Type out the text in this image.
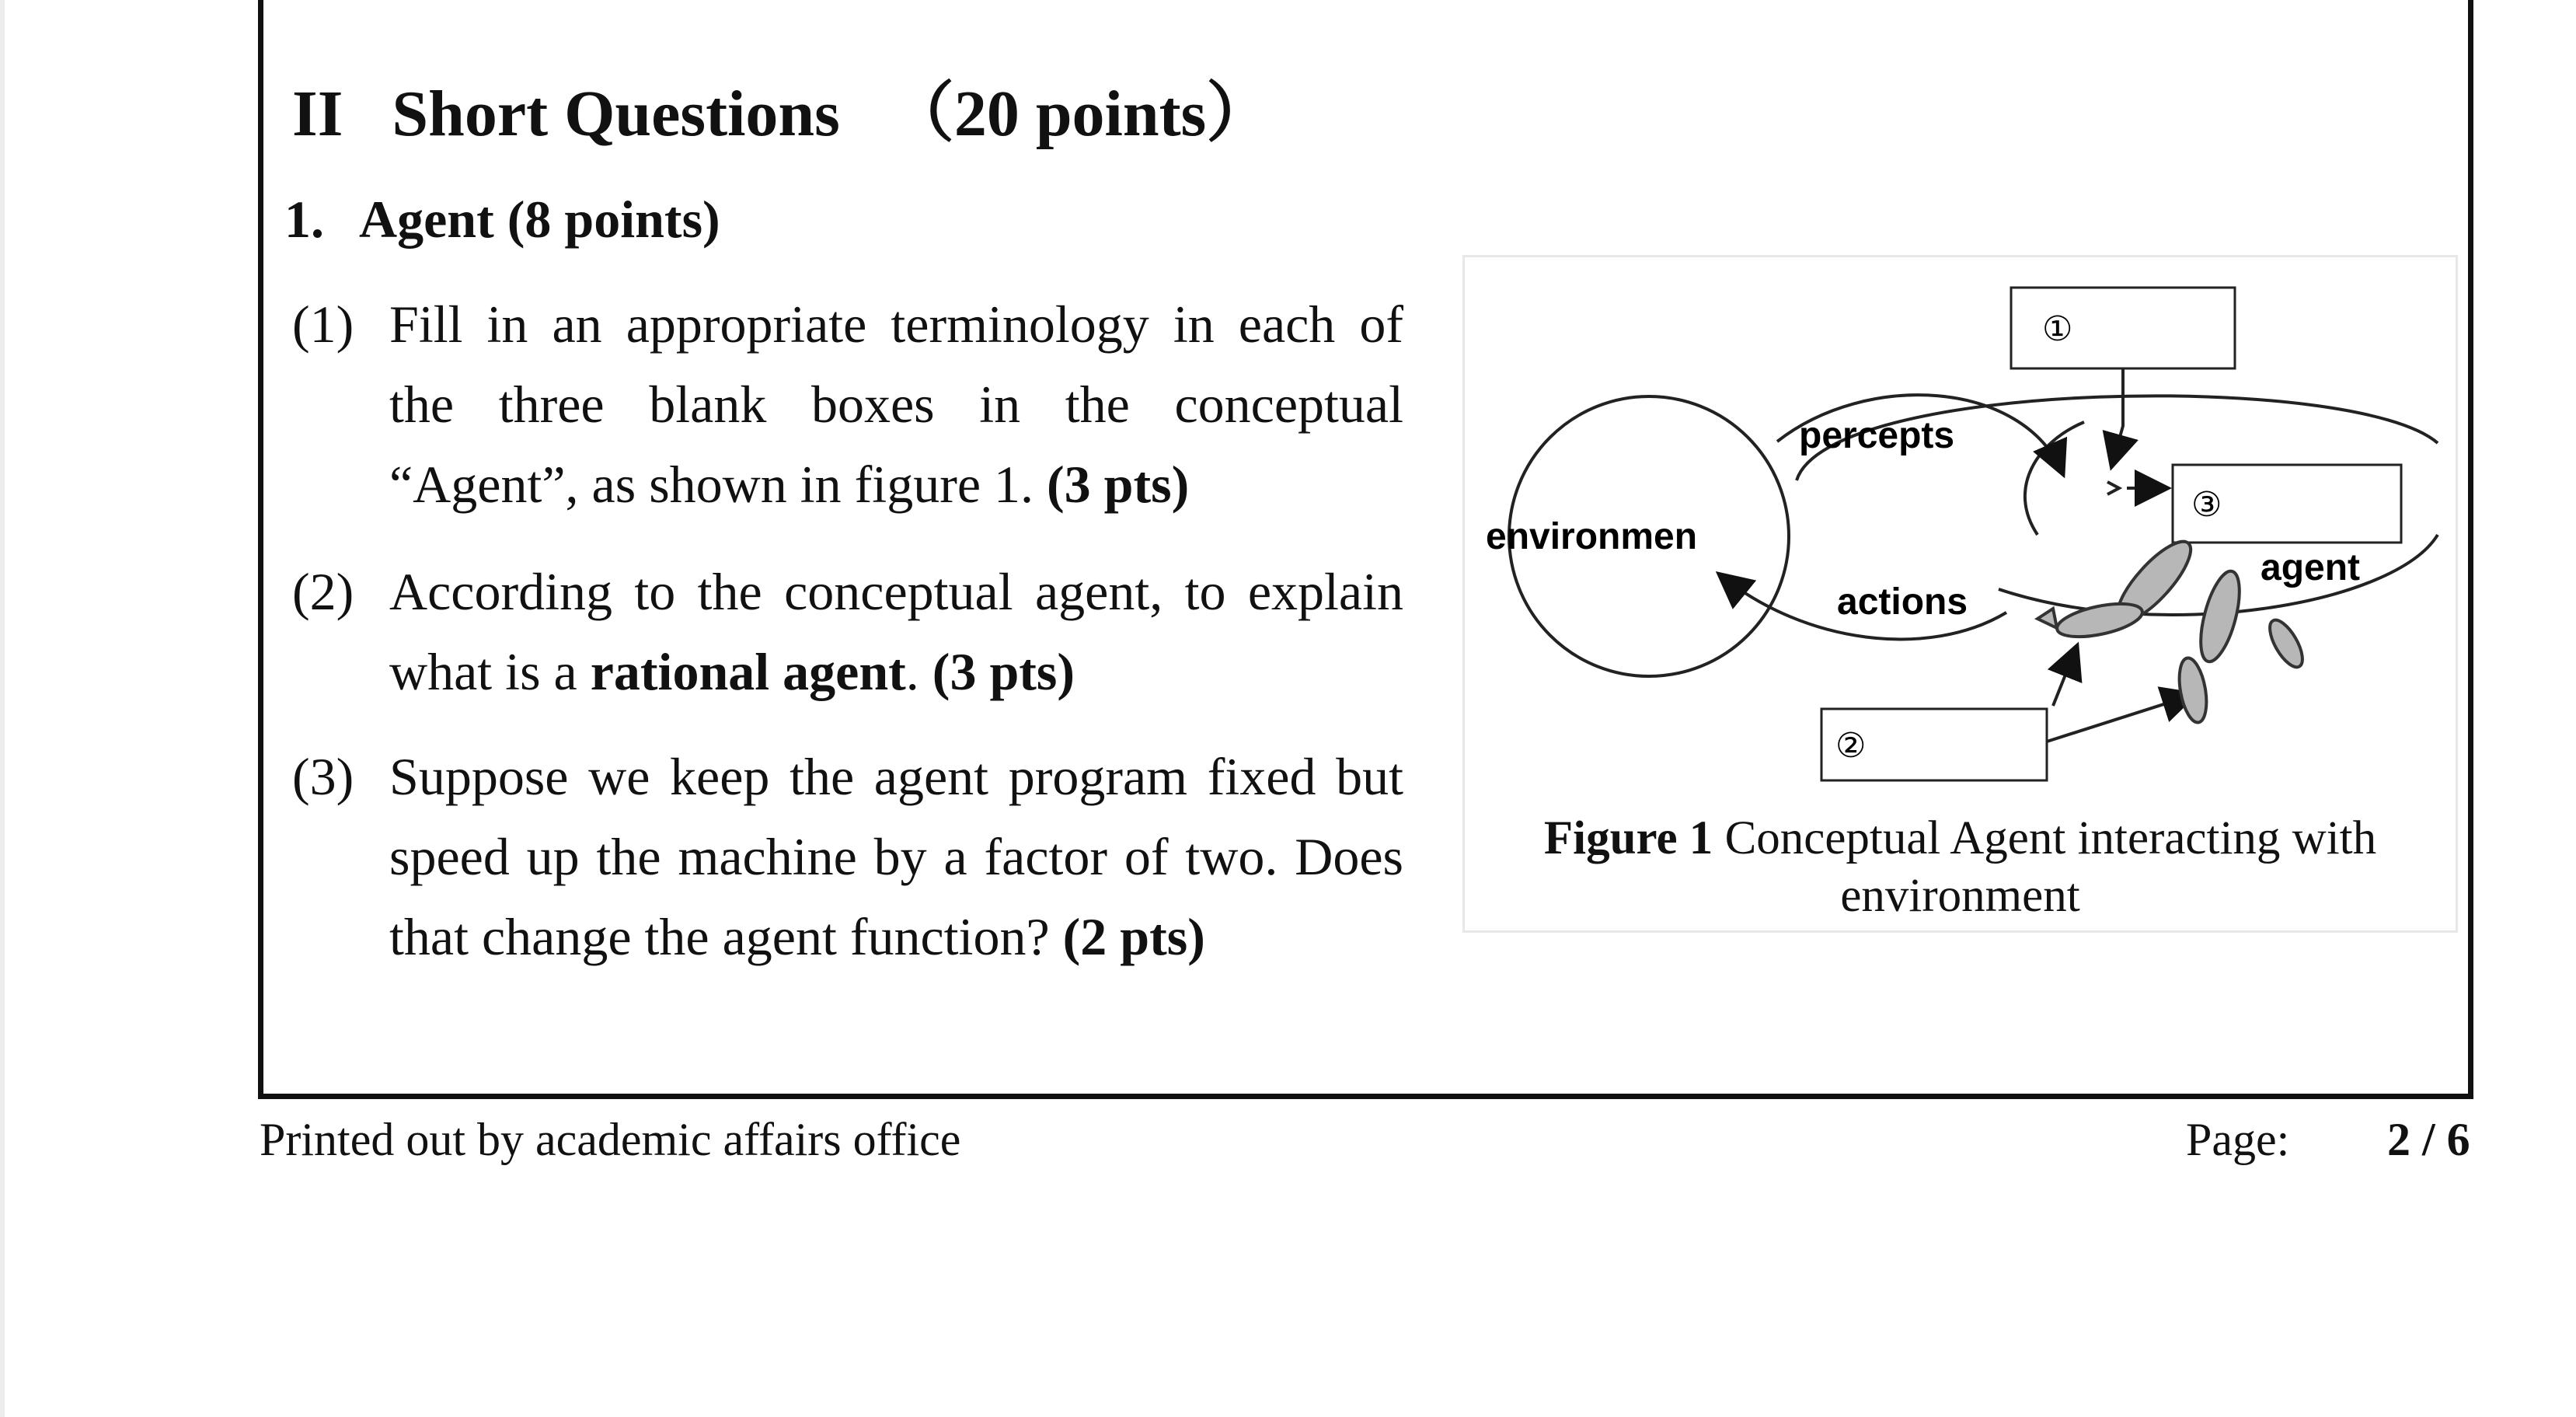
II   Short Questions   （20 points）
1. Agent (8 points)
(1) Fill in an appropriate terminology in each of the three blank boxes in the conceptual “Agent”, as shown in figure 1. (3 pts)
(2) According to the conceptual agent, to explain what is a rational agent. (3 pts)
(3) Suppose we keep the agent program fixed but speed up the machine by a factor of two. Does that change the agent function? (2 pts)
①
③
②
environmen
percepts
actions
agent
Figure 1 Conceptual Agent interacting with environment
Printed out by academic affairs office	Page: 2 / 6
